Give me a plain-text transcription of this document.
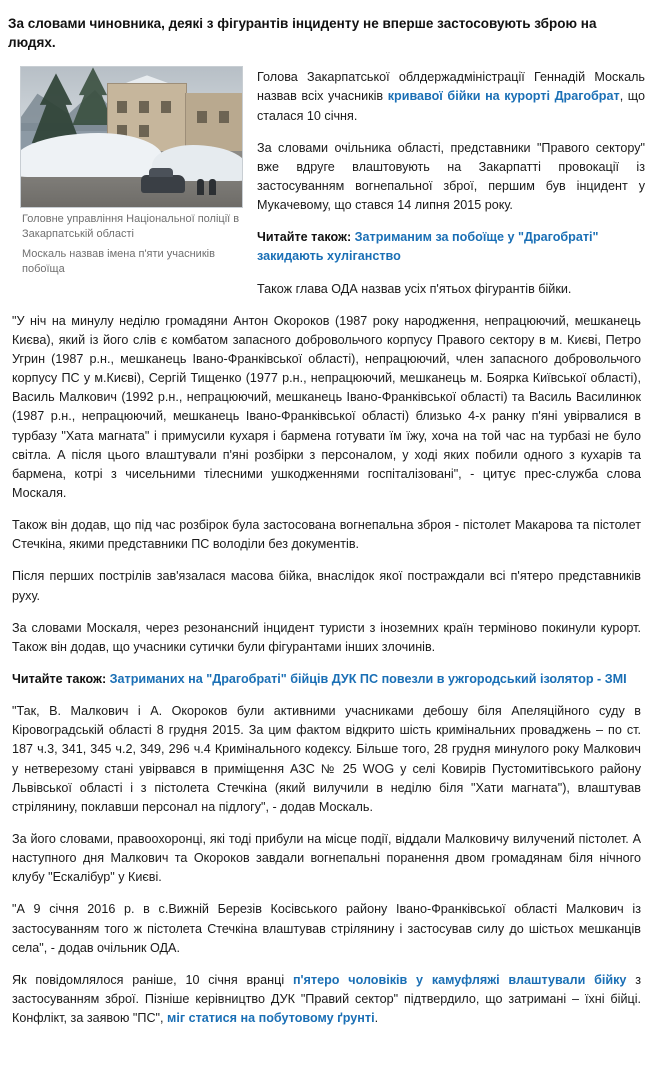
За словами чиновника, деякі з фігурантів інциденту не вперше застосовують зброю на людях.
Головне управління Національної поліції в Закарпатській області
Москаль назвав імена п'яти учасників побоїща

Голова Закарпатської облдержадміністрації Геннадій Москаль назвав всіх учасників кривавої бійки на курорті Драгобрат, що сталася 10 січня.

За словами очільника області, представники "Правого сектору" вже вдруге влаштовують на Закарпатті провокації із застосуванням вогнепальної зброї, першим був інцидент у Мукачевому, що стався 14 липня 2015 року.

Читайте також: Затриманим за побоїще у "Драгобраті" закидають хуліганство

Також глава ОДА назвав усіх п'ятьох фігурантів бійки.

"У ніч на минулу неділю громадяни Антон Окороков (1987 року народження, непрацюючий, мешканець Києва), який із його слів є комбатом запасного добровольчого корпусу Правого сектору в м. Києві, Петро Угрин (1987 р.н., мешканець Івано-Франківської області), непрацюючий, член запасного добровольчого корпусу ПС у м.Києві), Сергій Тищенко (1977 р.н., непрацюючий, мешканець м. Боярка Київської області), Василь Малкович (1992 р.н., непрацюючий, мешканець Івано-Франківської області) та Василь Василинюк (1987 р.н., непрацюючий, мешканець Івано-Франківської області) близько 4-х ранку п'яні увірвалися в турбазу "Хата магната" і примусили кухаря і бармена готувати їм їжу, хоча на той час на турбазі не було світла. А після цього влаштували п'яні розбірки з персоналом, у ході яких побили одного з кухарів та бармена, котрі з чисельними тілесними ушкодженнями госпіталізовані", - цитує прес-служба слова Москаля.

Також він додав, що під час розбірок була застосована вогнепальна зброя - пістолет Макарова та пістолет Стечкіна, якими представники ПС володіли без документів.

Після перших пострілів зав'язалася масова бійка, внаслідок якої постраждали всі п'ятеро представників руху.

За словами Москаля, через резонансний інцидент туристи з іноземних країн терміново покинули курорт. Також він додав, що учасники сутички були фігурантами інших злочинів.

Читайте також: Затриманих на "Драгобраті" бійців ДУК ПС повезли в ужгородський ізолятор - ЗМІ

"Так, В. Малкович і А. Окороков були активними учасниками дебошу біля Апеляційного суду в Кіровоградській області 8 грудня 2015. За цим фактом відкрито шість кримінальних проваджень – по ст. 187 ч.3, 341, 345 ч.2, 349, 296 ч.4 Кримінального кодексу. Більше того, 28 грудня минулого року Малкович у нетверезому стані увірвався в приміщення АЗС № 25 WOG у селі Ковирів Пустомитівського району Львівської області і з пістолета Стечкіна (який вилучили в неділю біля "Хати магната"), влаштував стрілянину, поклавши персонал на підлогу", - додав Москаль.

За його словами, правоохоронці, які тоді прибули на місце події, віддали Малковичу вилучений пістолет. А наступного дня Малкович та Окороков завдали вогнепальні поранення двом громадянам біля нічного клубу "Ескалібур" у Києві.

"А 9 січня 2016 р. в с.Вижній Березів Косівського району Івано-Франківської області Малкович із застосуванням того ж пістолета Стечкіна влаштував стрілянину і застосував силу до шістьох мешканців села", - додав очільник ОДА.

Як повідомлялося раніше, 10 січня вранці п'ятеро чоловіків у камуфляжі влаштували бійку з застосуванням зброї. Пізніше керівництво ДУК "Правий сектор" підтвердило, що затримані – їхні бійці. Конфлікт, за заявою "ПС", міг статися на побутовому ґрунті.
